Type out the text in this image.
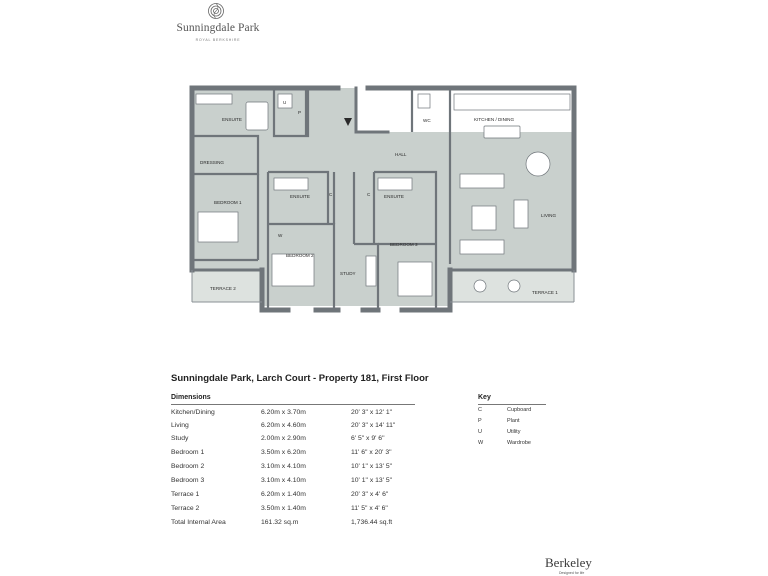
Sunningdale Park
ROYAL BERKSHIRE
ENSUITE
U
P
WC	KITCHEN / DINING
HALL
DRESSING
BEDROOM 1
C	C
ENSUITE	ENSUITE
LIVING
W
BEDROOM 2
BEDROOM 3
STUDY
TERRACE 2
TERRACE 1
Sunningdale Park, Larch Court - Property 181, First Floor
Dimensions
Kitchen/Dining	6.20m x 3.70m	20' 3" x 12' 1"
Living	6.20m x 4.60m	20' 3" x 14' 11"
Study	2.00m x 2.90m	6' 5" x 9' 6"
Bedroom 1	3.50m x 6.20m	11' 6" x 20' 3"
Bedroom 2	3.10m x 4.10m	10' 1" x 13' 5"
Bedroom 3	3.10m x 4.10m	10' 1" x 13' 5"
Terrace 1	6.20m x 1.40m	20' 3" x 4' 6"
Terrace 2	3.50m x 1.40m	11' 5" x 4' 6"
Total Internal Area	161.32 sq.m	1,736.44 sq.ft
Key
C	Cupboard
P	Plant
U	Utility
W	Wardrobe
Berkeley
Designed for life
